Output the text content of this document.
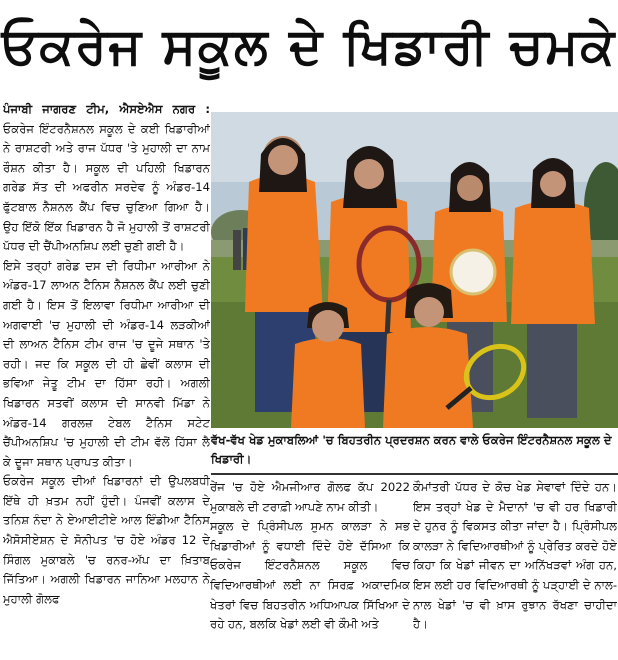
ਓਕਰੇਜ ਸਕੂਲ ਦੇ ਖਿਡਾਰੀ ਚਮਕੇ

ਪੰਜਾਬੀ ਜਾਗਰਣ ਟੀਮ, ਐਸਏਐਸ ਨਗਰ : ਓਕਰੇਜ ਇੰਟਰਨੈਸ਼ਨਲ ਸਕੂਲ ਦੇ ਕਈ ਖਿਡਾਰੀਆਂ ਨੇ ਰਾਸ਼ਟਰੀ ਅਤੇ ਰਾਜ ਪੱਧਰ 'ਤੇ ਮੁਹਾਲੀ ਦਾ ਨਾਮ ਰੌਸ਼ਨ ਕੀਤਾ ਹੈ। ਸਕੂਲ ਦੀ ਪਹਿਲੀ ਖਿਡਾਰਨ ਗਰੇਡ ਸੱਤ ਦੀ ਅਫਰੀਨ ਸਰਦੇਵ ਨੂੰ ਅੰਡਰ-14 ਫੁੱਟਬਾਲ ਨੈਸ਼ਨਲ ਕੈਂਪ ਵਿਚ ਚੁਣਿਆ ਗਿਆ ਹੈ। ਉਹ ਇੱਕੋ ਇੱਕ ਖਿਡਾਰਨ ਹੈ ਜੋ ਮੁਹਾਲੀ ਤੋਂ ਰਾਸ਼ਟਰੀ ਪੱਧਰ ਦੀ ਚੈਂਪੀਅਨਸ਼ਿਪ ਲਈ ਚੁਣੀ ਗਈ ਹੈ।

ਇਸੇ ਤਰ੍ਹਾਂ ਗਰੇਡ ਦਸ ਦੀ ਰਿਧੀਮਾ ਆਰੀਆ ਨੇ ਅੰਡਰ-17 ਲਾਅਨ ਟੈਨਿਸ ਨੈਸ਼ਨਲ ਕੈਂਪ ਲਈ ਚੁਣੀ ਗਈ ਹੈ। ਇਸ ਤੋਂ ਇਲਾਵਾ ਰਿਧੀਮਾ ਆਰੀਆ ਦੀ ਅਗਵਾਈ 'ਚ ਮੁਹਾਲੀ ਦੀ ਅੰਡਰ-14 ਲੜਕੀਆਂ ਦੀ ਲਾਅਨ ਟੈਨਿਸ ਟੀਮ ਰਾਜ 'ਚ ਦੂਜੇ ਸਥਾਨ 'ਤੇ ਰਹੀ। ਜਦ ਕਿ ਸਕੂਲ ਦੀ ਹੀ ਛੇਵੀਂ ਕਲਾਸ ਦੀ ਭਵਿਆ ਜੇਤੂ ਟੀਮ ਦਾ ਹਿੱਸਾ ਰਹੀ। ਅਗਲੀ ਖਿਡਾਰਨ ਸਤਵੀਂ ਕਲਾਸ ਦੀ ਸਾਨਵੀ ਮਿੱਡਾ ਨੇ ਅੰਡਰ-14 ਗਰਲਜ਼ ਟੇਬਲ ਟੈਨਿਸ ਸਟੇਟ ਚੈਂਪੀਅਨਸ਼ਿਪ 'ਚ ਮੁਹਾਲੀ ਦੀ ਟੀਮ ਵੱਲੋਂ ਹਿੱਸਾ ਲੈ ਕੇ ਦੂਜਾ ਸਥਾਨ ਪ੍ਰਾਪਤ ਕੀਤਾ।

ਓਕਰੇਜ ਸਕੂਲ ਦੀਆਂ ਖਿਡਾਰਨਾਂ ਦੀ ਉਪਲਬਧੀ ਇੱਥੇ ਹੀ ਖ਼ਤਮ ਨਹੀਂ ਹੁੰਦੀ। ਪੰਜਵੀਂ ਕਲਾਸ ਦੇ ਤਨਿਸ਼ ਨੰਦਾ ਨੇ ਏਆਈਟੀਏ ਆਲ ਇੰਡੀਆ ਟੈਨਿਸ ਐਸੋਸੀਏਸ਼ਨ ਦੇ ਸੋਨੀਪਤ 'ਚ ਹੋਏ ਅੰਡਰ 12 ਦੇ ਸਿੰਗਲ ਮੁਕਾਬਲੇ 'ਚ ਰਨਰ-ਅੱਪ ਦਾ ਖ਼ਿਤਾਬ ਜਿੱਤਿਆ। ਅਗਲੀ ਖਿਡਾਰਨ ਜਾਨਿਆ ਮਲਹਾਨ ਨੇ ਮੁਹਾਲੀ ਗੋਲਫ

ਵੱਖ-ਵੱਖ ਖੇਡ ਮੁਕਾਬਲਿਆਂ 'ਚ ਬਿਹਤਰੀਨ ਪ੍ਰਦਰਸ਼ਨ ਕਰਨ ਵਾਲੇ ਓਕਰੇਜ ਇੰਟਰਨੈਸ਼ਨਲ ਸਕੂਲ ਦੇ ਖਿਡਾਰੀ।

ਰੇਂਜ 'ਚ ਹੋਏ ਐਮਜੀਆਰ ਗੋਲਫ ਕੱਪ 2022 ਮੁਕਾਬਲੇ ਦੀ ਟਰਾਫ਼ੀ ਆਪਣੇ ਨਾਮ ਕੀਤੀ।

ਸਕੂਲ ਦੇ ਪ੍ਰਿੰਸੀਪਲ ਸੁਮਨ ਕਾਲੜਾ ਨੇ ਸਭ ਖਿਡਾਰੀਆਂ ਨੂੰ ਵਧਾਈ ਦਿੰਦੇ ਹੋਏ ਦੱਸਿਆ ਕਿ ਓਕਰੇਜ ਇੰਟਰਨੈਸ਼ਨਲ ਸਕੂਲ ਵਿਚ ਵਿਦਿਆਰਥੀਆਂ ਲਈ ਨਾ ਸਿਰਫ਼ ਅਕਾਦਮਿਕ ਖੇਤਰਾਂ ਵਿਚ ਬਿਹਤਰੀਨ ਅਧਿਆਪਕ ਸਿੱਖਿਆ ਦੇ ਰਹੇ ਹਨ, ਬਲਕਿ ਖੇਡਾਂ ਲਈ ਵੀ ਕੌਮੀ ਅਤੇ

ਕੌਮਾਂਤਰੀ ਪੱਧਰ ਦੇ ਕੋਚ ਖੇਡ ਸੇਵਾਵਾਂ ਦਿੰਦੇ ਹਨ। ਇਸ ਤਰ੍ਹਾਂ ਖੇਡ ਦੇ ਮੈਦਾਨਾਂ 'ਚ ਵੀ ਹਰ ਖਿਡਾਰੀ ਦੇ ਹੁਨਰ ਨੂੰ ਵਿਕਸਤ ਕੀਤਾ ਜਾਂਦਾ ਹੈ। ਪ੍ਰਿੰਸੀਪਲ ਕਾਲੜਾ ਨੇ ਵਿਦਿਆਰਥੀਆਂ ਨੂੰ ਪ੍ਰੇਰਿਤ ਕਰਦੇ ਹੋਏ ਕਿਹਾ ਕਿ ਖੇਡਾਂ ਜੀਵਨ ਦਾ ਅਨਿੱਖੜਵਾਂ ਅੰਗ ਹਨ, ਇਸ ਲਈ ਹਰ ਵਿਦਿਆਰਥੀ ਨੂੰ ਪੜ੍ਹਾਈ ਦੇ ਨਾਲ-ਨਾਲ ਖੇਡਾਂ 'ਚ ਵੀ ਖ਼ਾਸ ਰੁਝਾਨ ਰੱਖਣਾ ਚਾਹੀਦਾ ਹੈ।
